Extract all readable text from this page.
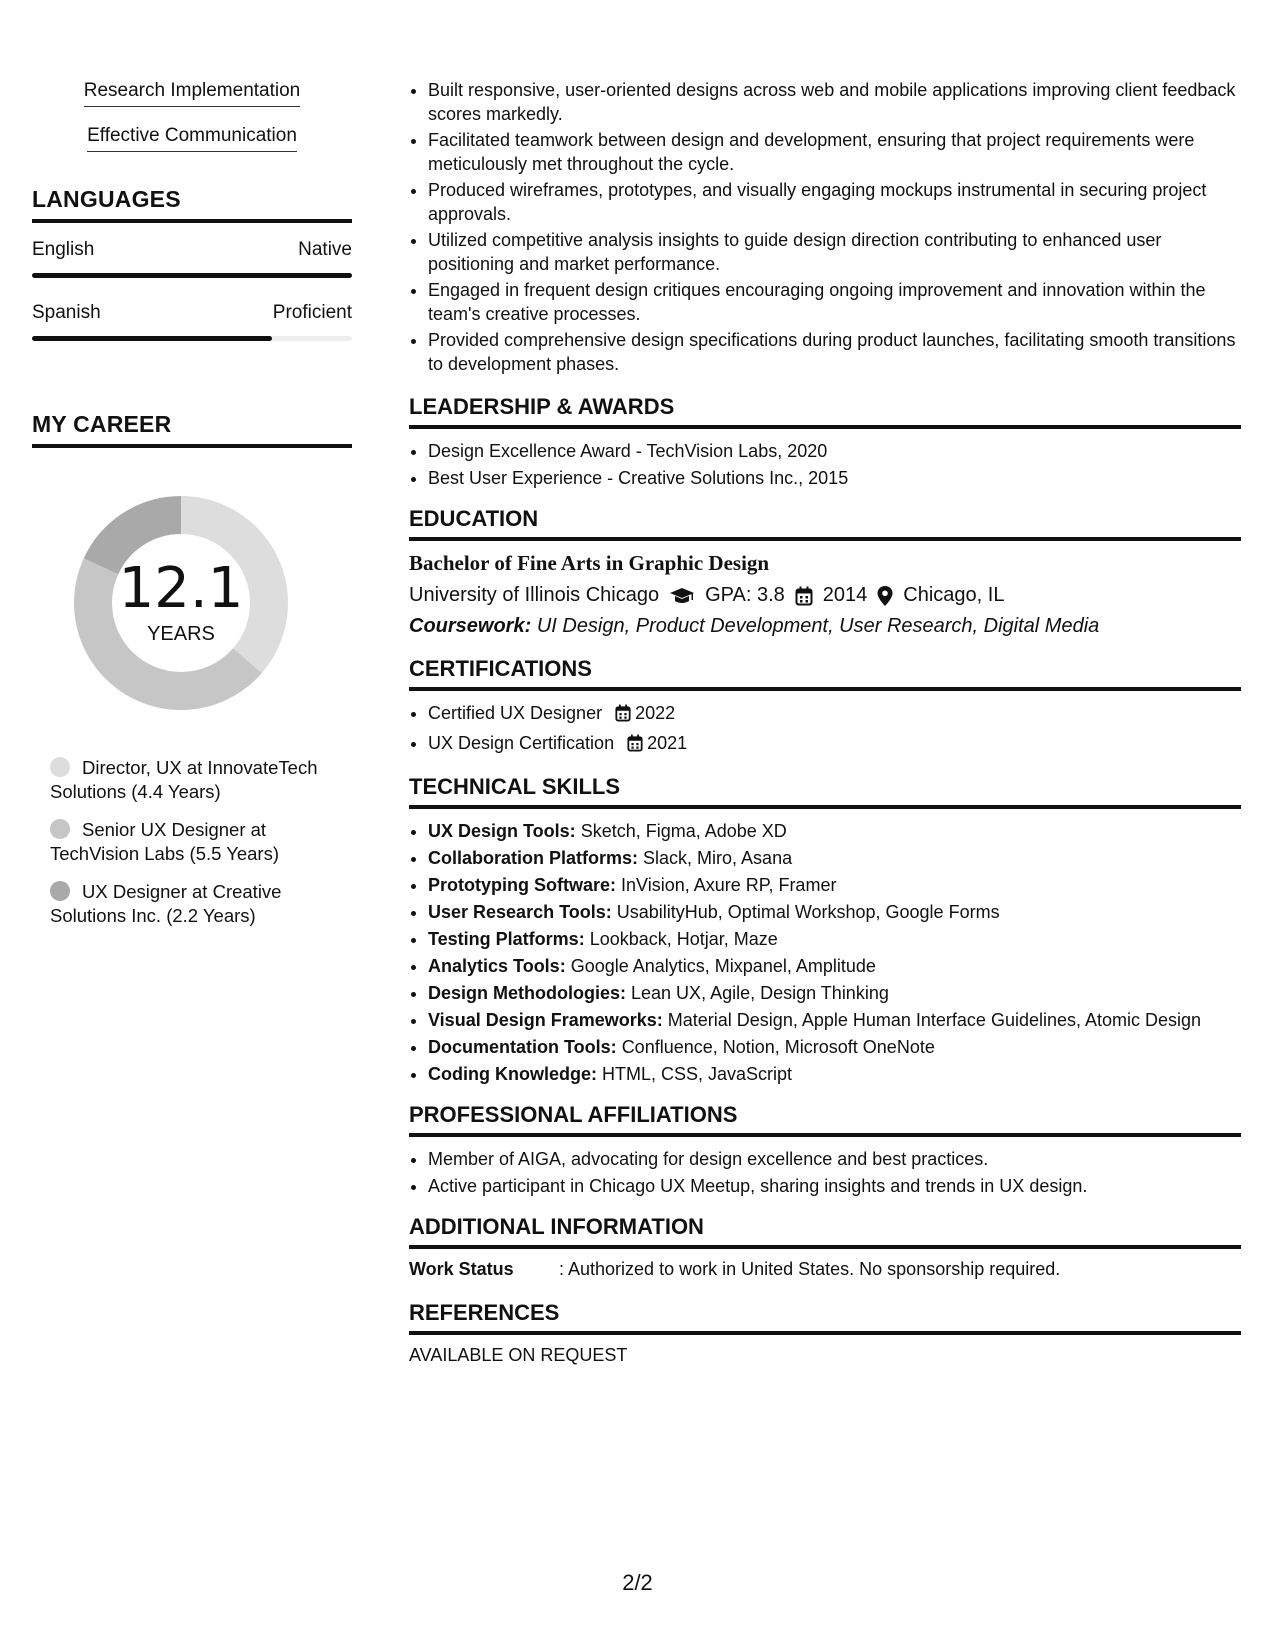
Research Implementation
Effective Communication
LANGUAGES
English	Native
Spanish	Proficient
MY CAREER
12.1
YEARS
Director, UX at InnovateTech Solutions (4.4 Years)
Senior UX Designer at TechVision Labs (5.5 Years)
UX Designer at Creative Solutions Inc. (2.2 Years)
• Built responsive, user-oriented designs across web and mobile applications improving client feedback scores markedly.
• Facilitated teamwork between design and development, ensuring that project requirements were meticulously met throughout the cycle.
• Produced wireframes, prototypes, and visually engaging mockups instrumental in securing project approvals.
• Utilized competitive analysis insights to guide design direction contributing to enhanced user positioning and market performance.
• Engaged in frequent design critiques encouraging ongoing improvement and innovation within the team's creative processes.
• Provided comprehensive design specifications during product launches, facilitating smooth transitions to development phases.
LEADERSHIP & AWARDS
• Design Excellence Award - TechVision Labs, 2020
• Best User Experience - Creative Solutions Inc., 2015
EDUCATION
Bachelor of Fine Arts in Graphic Design
University of Illinois Chicago GPA: 3.8 2014 Chicago, IL
Coursework: UI Design, Product Development, User Research, Digital Media
CERTIFICATIONS
• Certified UX Designer 2022
• UX Design Certification 2021
TECHNICAL SKILLS
• UX Design Tools: Sketch, Figma, Adobe XD
• Collaboration Platforms: Slack, Miro, Asana
• Prototyping Software: InVision, Axure RP, Framer
• User Research Tools: UsabilityHub, Optimal Workshop, Google Forms
• Testing Platforms: Lookback, Hotjar, Maze
• Analytics Tools: Google Analytics, Mixpanel, Amplitude
• Design Methodologies: Lean UX, Agile, Design Thinking
• Visual Design Frameworks: Material Design, Apple Human Interface Guidelines, Atomic Design
• Documentation Tools: Confluence, Notion, Microsoft OneNote
• Coding Knowledge: HTML, CSS, JavaScript
PROFESSIONAL AFFILIATIONS
• Member of AIGA, advocating for design excellence and best practices.
• Active participant in Chicago UX Meetup, sharing insights and trends in UX design.
ADDITIONAL INFORMATION
Work Status	: Authorized to work in United States. No sponsorship required.
REFERENCES
AVAILABLE ON REQUEST
2/2
